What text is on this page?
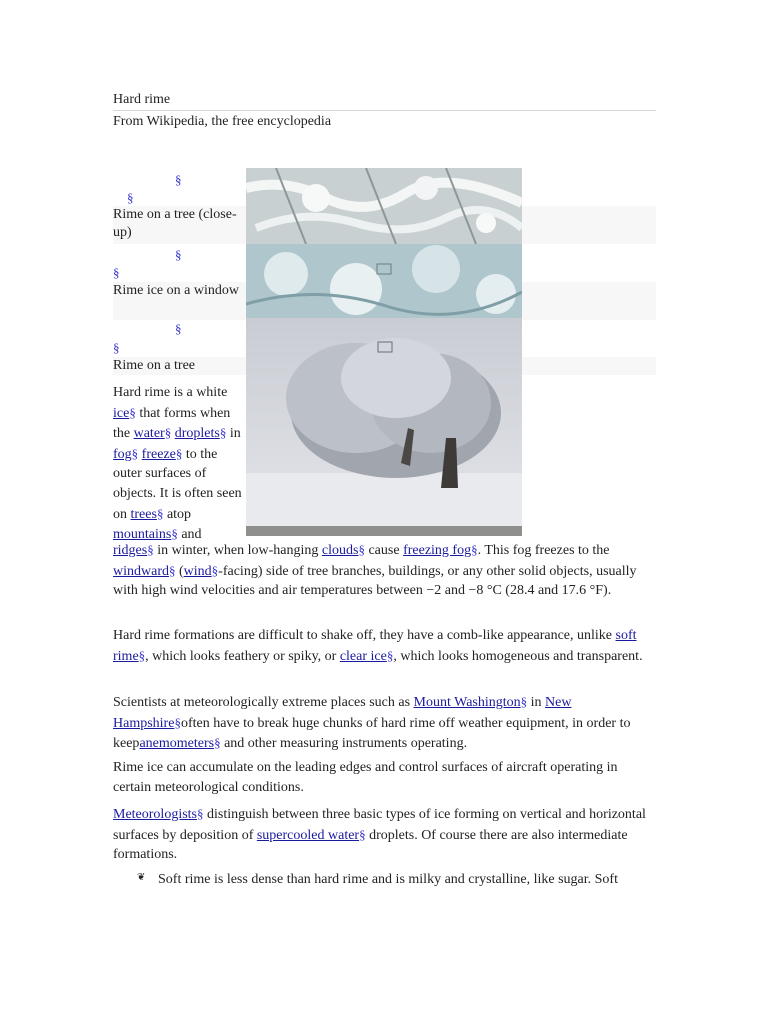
Hard rime
From Wikipedia, the free encyclopedia
§
§
Rime on a tree (close-up)
§
§
Rime ice on a window
§
§
Rime on a tree
Hard rime is a white ice§ that forms when the water§ droplets§ in fog§ freeze§ to the outer surfaces of objects. It is often seen on trees§ atop mountains§ and
ridges§ in winter, when low-hanging clouds§ cause freezing fog§. This fog freezes to the windward§ (wind§-facing) side of tree branches, buildings, or any other solid objects, usually with high wind velocities and air temperatures between −2 and −8 °C (28.4 and 17.6 °F).
Hard rime formations are difficult to shake off, they have a comb-like appearance, unlike soft rime§, which looks feathery or spiky, or clear ice§, which looks homogeneous and transparent.
Scientists at meteorologically extreme places such as Mount Washington§ in New Hampshire§often have to break huge chunks of hard rime off weather equipment, in order to keepanemometers§ and other measuring instruments operating.
Rime ice can accumulate on the leading edges and control surfaces of aircraft operating in certain meteorological conditions.
Meteorologists§ distinguish between three basic types of ice forming on vertical and horizontal surfaces by deposition of supercooled water§ droplets. Of course there are also intermediate formations.
❦ Soft rime is less dense than hard rime and is milky and crystalline, like sugar. Soft
